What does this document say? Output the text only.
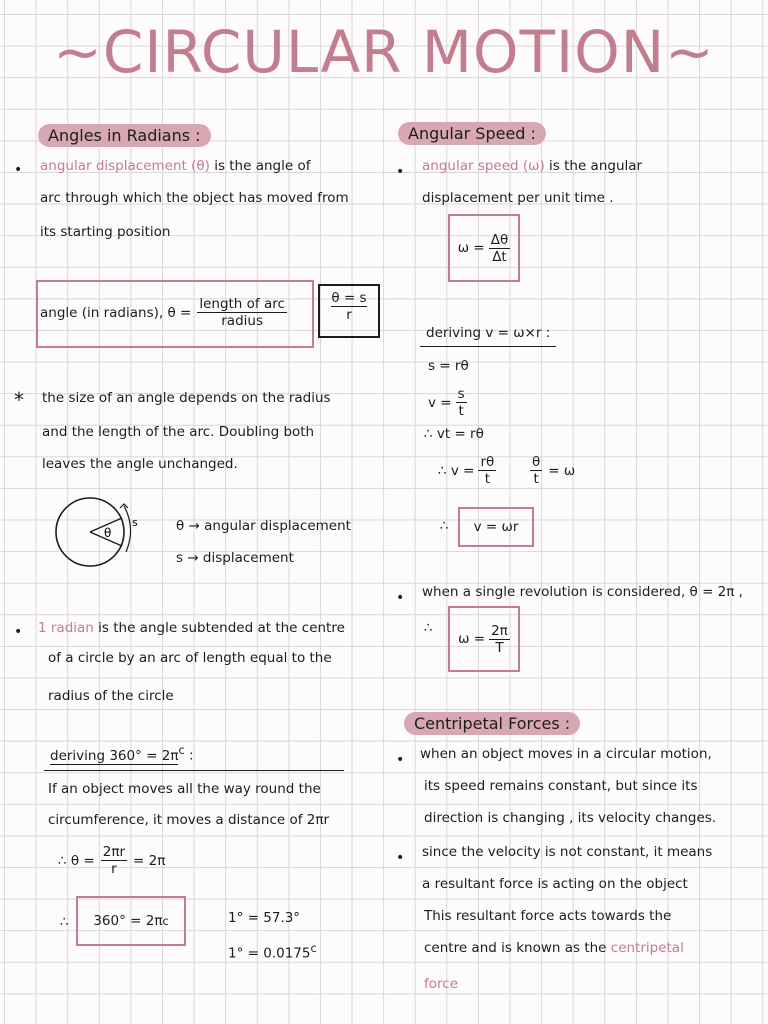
~CIRCULAR MOTION~
Angles in Radians :
• angular displacement (θ) is the angle of
arc through which the object has moved from
its starting position
angle (in radians), $\theta = \frac{\text{length of arc}}{\text{radius}} \frac{\theta = s}{r}$
* the size of an angle depends on the radius
and the length of the arc. Doubling both
leaves the angle unchanged.
θ
s	θ → angular displacement
s → displacement
• 1 radian is the angle subtended at the centre
of a circle by an arc of length equal to the
radius of the circle
deriving $360^\circ = 2\pi^c$ :
If an object moves all the way round the
circumference, it moves a distance of 2πr
∴ $\theta = \frac{2\pi r}{r} = 2\pi$
∴ 360° = 2π c	1° = 57.3°
1° = 0.0175$^c$
Angular Speed :
• angular speed (ω) is the angular
displacement per unit time .
$\omega = \frac{\Delta\theta}{\Delta t}$
deriving v = ω×r :
s = rθ
$v = \frac{s}{t}$
∴ vt = rθ
∴ $v = \frac{r\theta}{t} \frac{\theta}{t} = \omega$
∴	v = ωr
• when a single revolution is considered, θ = 2π ,
∴
$\omega = \frac{2\pi}{T}$
Centripetal Forces :
• when an object moves in a circular motion,
its speed remains constant, but since its
direction is changing , its velocity changes.
• since the velocity is not constant, it means
a resultant force is acting on the object
This resultant force acts towards the
centre and is known as the centripetal
force
